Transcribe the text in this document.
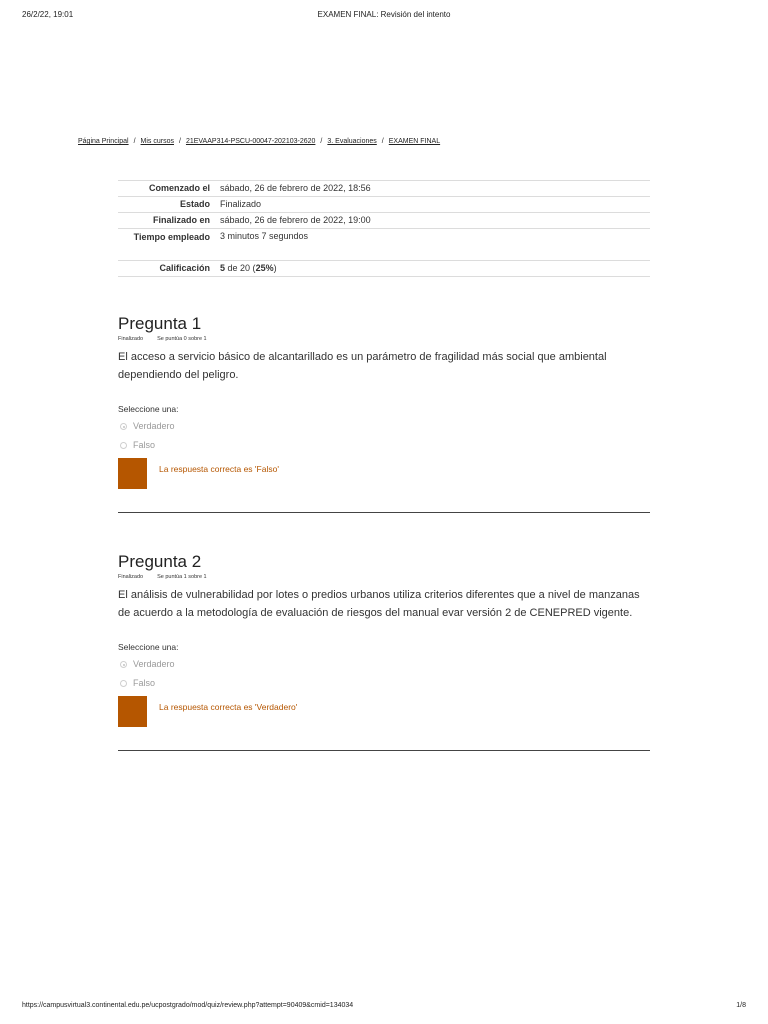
26/2/22, 19:01	EXAMEN FINAL: Revisión del intento
Página Principal / Mis cursos / 21EVAAP314-PSCU-00047-202103-2620 / 3. Evaluaciones / EXAMEN FINAL
Comenzado el	sábado, 26 de febrero de 2022, 18:56
Estado	Finalizado
Finalizado en	sábado, 26 de febrero de 2022, 19:00
Tiempo empleado	3 minutos 7 segundos
Calificación	5 de 20 (25%)
Pregunta 1
Finalizado	Se puntúa 0 sobre 1
El acceso a servicio básico de alcantarillado es un parámetro de fragilidad más social que ambiental dependiendo del peligro.
Seleccione una:
Verdadero
Falso
La respuesta correcta es 'Falso'
Pregunta 2
Finalizado	Se puntúa 1 sobre 1
El análisis de vulnerabilidad por lotes o predios urbanos utiliza criterios diferentes que a nivel de manzanas de acuerdo a la metodología de evaluación de riesgos del manual evar versión 2 de CENEPRED vigente.
Seleccione una:
Verdadero
Falso
La respuesta correcta es 'Verdadero'
https://campusvirtual3.continental.edu.pe/ucpostgrado/mod/quiz/review.php?attempt=90409&cmid=134034	1/8
